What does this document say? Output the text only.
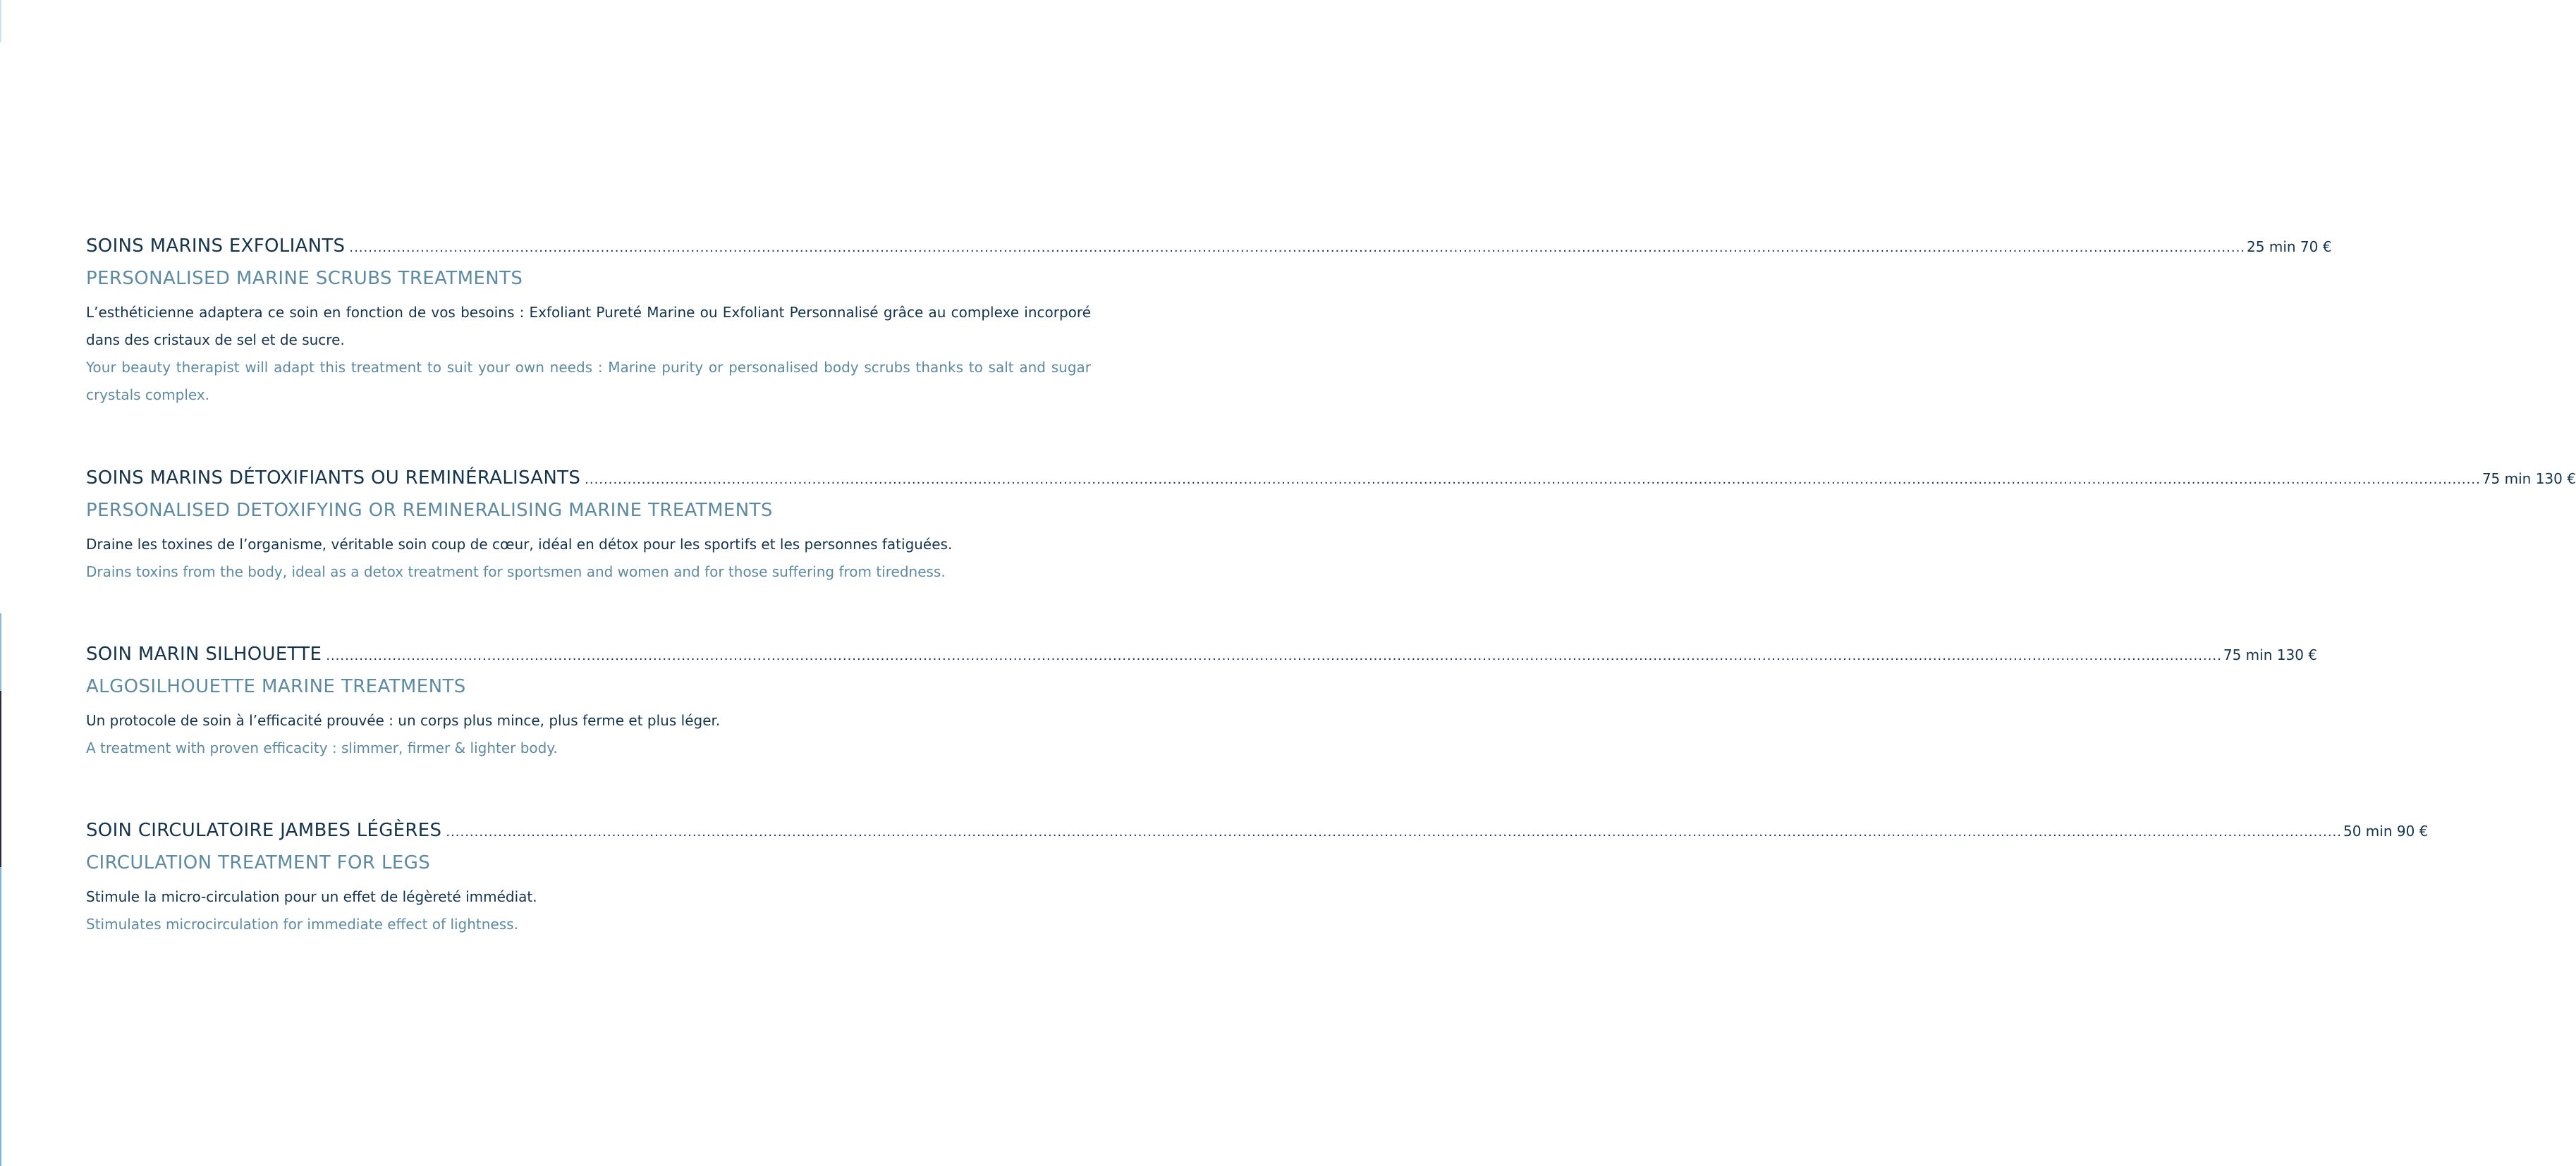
SOINS MARINS EXFOLIANTS ................................................................................................................................................................................................................................................................................................................................................................................................................ 25 min 70 €
PERSONALISED MARINE SCRUBS TREATMENTS
L’esthéticienne adaptera ce soin en fonction de vos besoins : Exfoliant Pureté Marine ou Exfoliant Personnalisé grâce au complexe incorporé dans des cristaux de sel et de sucre.
Your beauty therapist will adapt this treatment to suit your own needs : Marine purity or personalised body scrubs thanks to salt and sugar crystals complex.
SOINS MARINS DÉTOXIFIANTS OU REMINÉRALISANTS ................................................................................................................................................................................................................................................................................................................................................................................................................ 75 min 130 €
PERSONALISED DETOXIFYING OR REMINERALISING MARINE TREATMENTS
Draine les toxines de l’organisme, véritable soin coup de cœur, idéal en détox pour les sportifs et les personnes fatiguées.
Drains toxins from the body, ideal as a detox treatment for sportsmen and women and for those suffering from tiredness.
SOIN MARIN SILHOUETTE ................................................................................................................................................................................................................................................................................................................................................................................................................ 75 min 130 €
ALGOSILHOUETTE MARINE TREATMENTS
Un protocole de soin à l’efficacité prouvée : un corps plus mince, plus ferme et plus léger.
A treatment with proven efficacity : slimmer, firmer & lighter body.
SOIN CIRCULATOIRE JAMBES LÉGÈRES ................................................................................................................................................................................................................................................................................................................................................................................................................ 50 min 90 €
CIRCULATION TREATMENT FOR LEGS
Stimule la micro-circulation pour un effet de légèreté immédiat.
Stimulates microcirculation for immediate effect of lightness.
